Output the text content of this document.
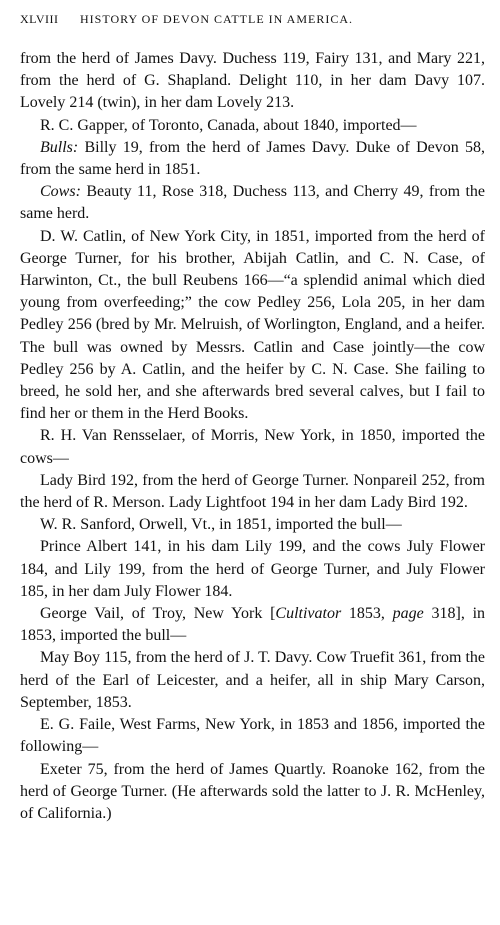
XLVIII HISTORY OF DEVON CATTLE IN AMERICA.

from the herd of James Davy. Duchess 119, Fairy 131, and Mary 221, from the herd of G. Shapland. Delight 110, in her dam Davy 107. Lovely 214 (twin), in her dam Lovely 213.

R. C. Gapper, of Toronto, Canada, about 1840, imported—

Bulls: Billy 19, from the herd of James Davy. Duke of Devon 58, from the same herd in 1851.

Cows: Beauty 11, Rose 318, Duchess 113, and Cherry 49, from the same herd.

D. W. Catlin, of New York City, in 1851, imported from the herd of George Turner, for his brother, Abijah Catlin, and C. N. Case, of Harwinton, Ct., the bull Reubens 166—“a splendid animal which died young from overfeeding;” the cow Pedley 256, Lola 205, in her dam Pedley 256 (bred by Mr. Melruish, of Worlington, England, and a heifer. The bull was owned by Messrs. Catlin and Case jointly—the cow Pedley 256 by A. Catlin, and the heifer by C. N. Case. She failing to breed, he sold her, and she afterwards bred several calves, but I fail to find her or them in the Herd Books.

R. H. Van Rensselaer, of Morris, New York, in 1850, imported the cows—

Lady Bird 192, from the herd of George Turner. Nonpareil 252, from the herd of R. Merson. Lady Lightfoot 194 in her dam Lady Bird 192.

W. R. Sanford, Orwell, Vt., in 1851, imported the bull—

Prince Albert 141, in his dam Lily 199, and the cows July Flower 184, and Lily 199, from the herd of George Turner, and July Flower 185, in her dam July Flower 184.

George Vail, of Troy, New York [Cultivator 1853, page 318], in 1853, imported the bull—

May Boy 115, from the herd of J. T. Davy. Cow Truefit 361, from the herd of the Earl of Leicester, and a heifer, all in ship Mary Carson, September, 1853.

E. G. Faile, West Farms, New York, in 1853 and 1856, imported the following—

Exeter 75, from the herd of James Quartly. Roanoke 162, from the herd of George Turner. (He afterwards sold the latter to J. R. McHenley, of California.)
